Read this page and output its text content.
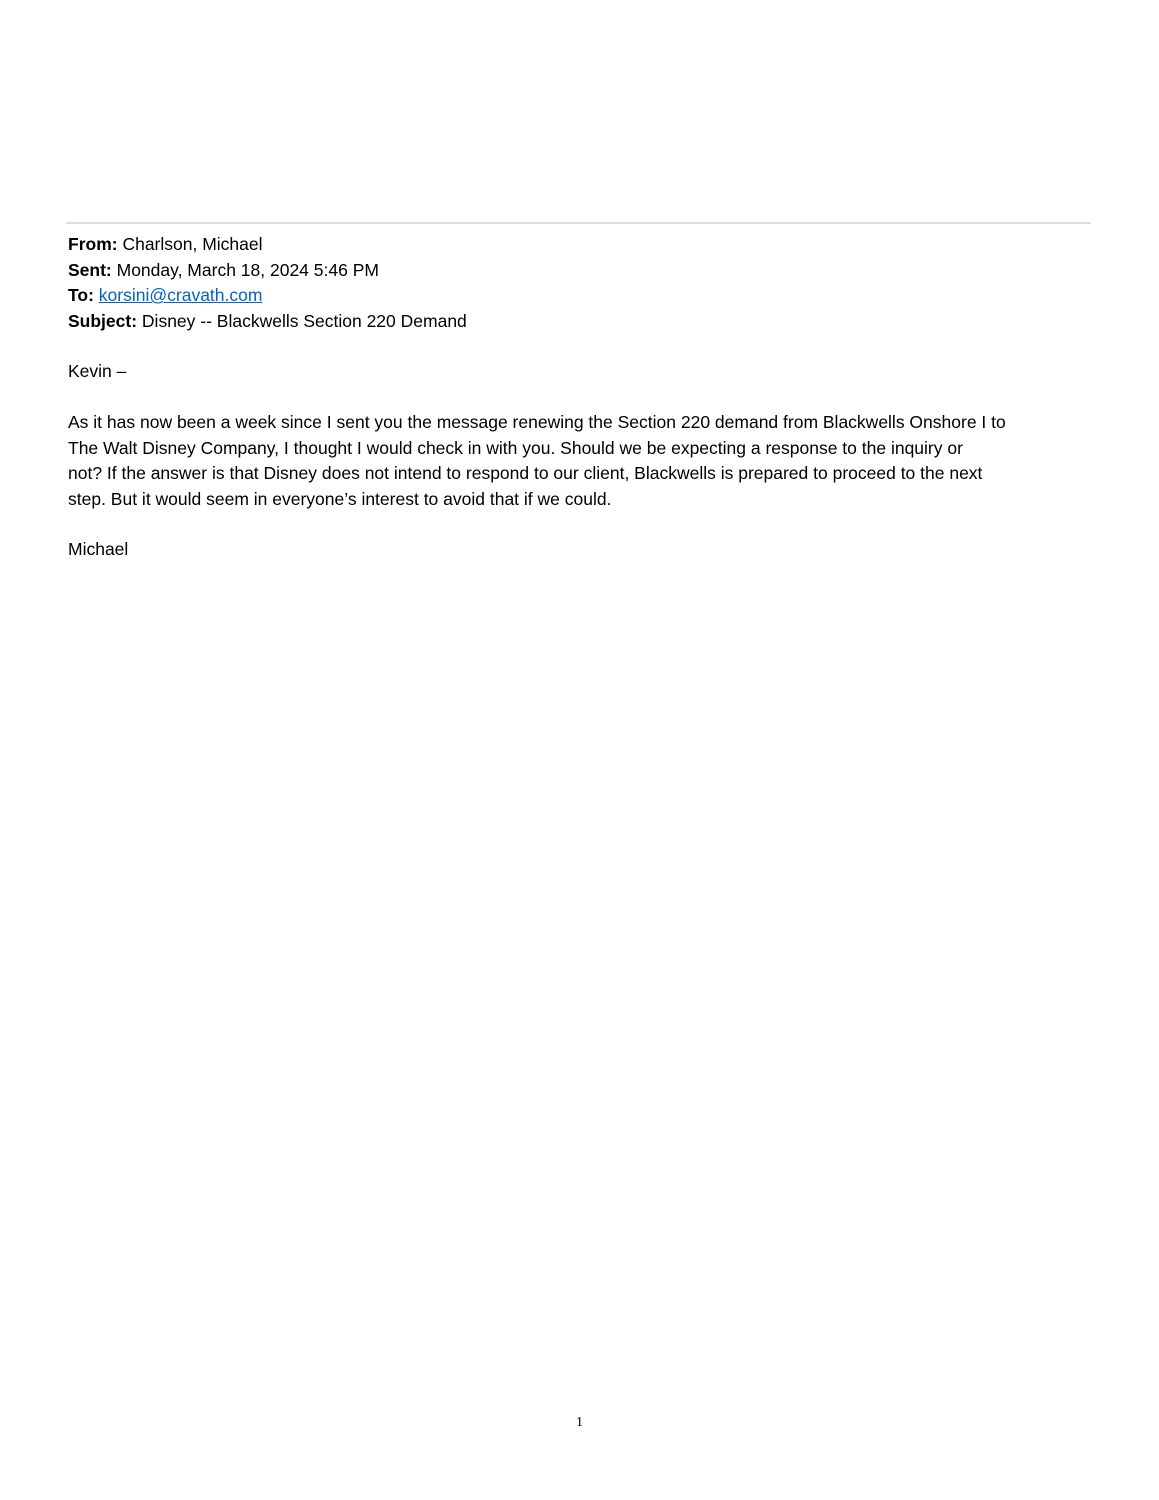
From: Charlson, Michael
Sent: Monday, March 18, 2024 5:46 PM
To: korsini@cravath.com
Subject: Disney -- Blackwells Section 220 Demand
Kevin –
As it has now been a week since I sent you the message renewing the Section 220 demand from Blackwells Onshore I to
The Walt Disney Company, I thought I would check in with you. Should we be expecting a response to the inquiry or
not? If the answer is that Disney does not intend to respond to our client, Blackwells is prepared to proceed to the next
step. But it would seem in everyone’s interest to avoid that if we could.
Michael
1
